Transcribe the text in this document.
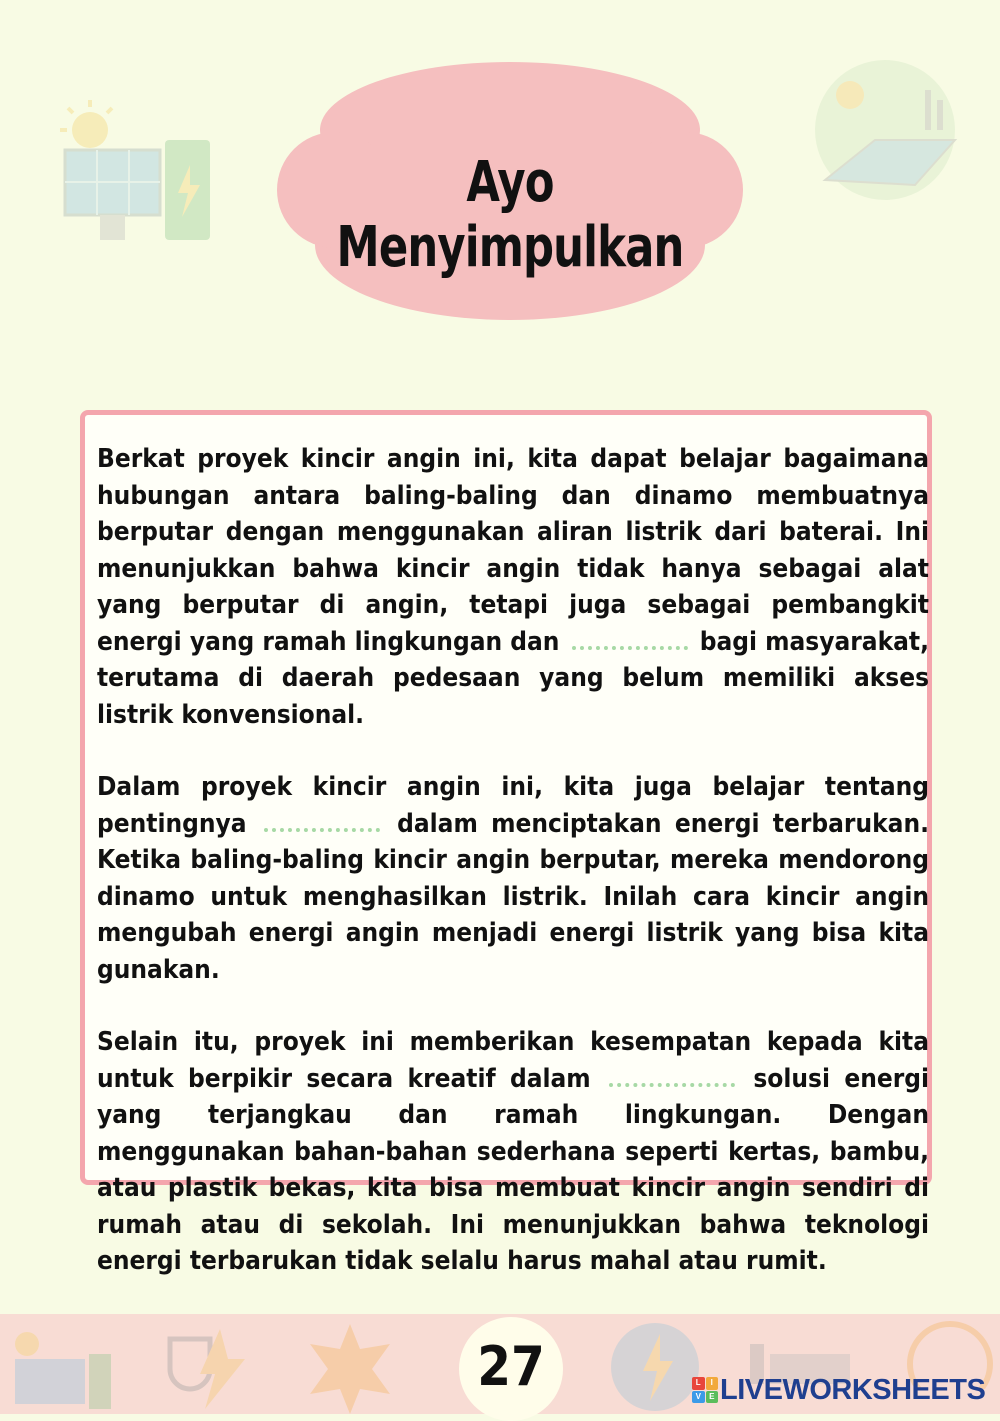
Ayo Menyimpulkan

Berkat proyek kincir angin ini, kita dapat belajar bagaimana hubungan antara baling-baling dan dinamo membuatnya berputar dengan menggunakan aliran listrik dari baterai. Ini menunjukkan bahwa kincir angin tidak hanya sebagai alat yang berputar di angin, tetapi juga sebagai pembangkit energi yang ramah lingkungan dan	bagi masyarakat, terutama di daerah pedesaan yang belum memiliki akses listrik konvensional.

Dalam proyek kincir angin ini, kita juga belajar tentang pentingnya	dalam menciptakan energi terbarukan. Ketika baling-baling kincir angin berputar, mereka mendorong dinamo untuk menghasilkan listrik. Inilah cara kincir angin mengubah energi angin menjadi energi listrik yang bisa kita gunakan.

Selain itu, proyek ini memberikan kesempatan kepada kita untuk berpikir secara kreatif dalam	solusi energi yang terjangkau dan ramah lingkungan. Dengan menggunakan bahan-bahan sederhana seperti kertas, bambu, atau plastik bekas, kita bisa membuat kincir angin sendiri di rumah atau di sekolah. Ini menunjukkan bahwa teknologi energi terbarukan tidak selalu harus mahal atau rumit.

27	L	I
V	E LIVEWORKSHEETS
